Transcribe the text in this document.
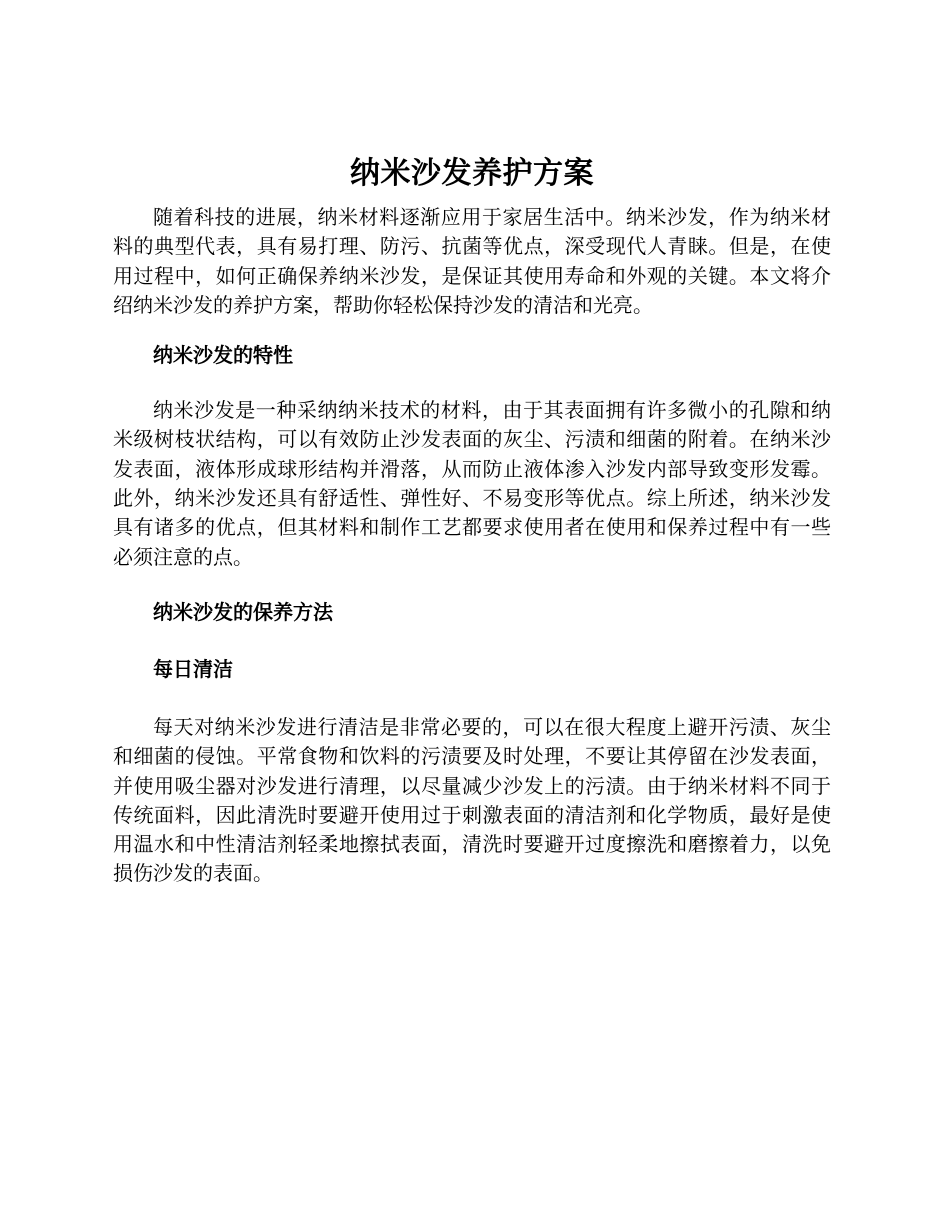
纳米沙发养护方案

随着科技的进展，纳米材料逐渐应用于家居生活中。纳米沙发，作为纳米材料的典型代表，具有易打理、防污、抗菌等优点，深受现代人青睐。但是，在使用过程中，如何正确保养纳米沙发，是保证其使用寿命和外观的关键。本文将介绍纳米沙发的养护方案，帮助你轻松保持沙发的清洁和光亮。

纳米沙发的特性

纳米沙发是一种采纳纳米技术的材料，由于其表面拥有许多微小的孔隙和纳米级树枝状结构，可以有效防止沙发表面的灰尘、污渍和细菌的附着。在纳米沙发表面，液体形成球形结构并滑落，从而防止液体渗入沙发内部导致变形发霉。此外，纳米沙发还具有舒适性、弹性好、不易变形等优点。综上所述，纳米沙发具有诸多的优点，但其材料和制作工艺都要求使用者在使用和保养过程中有一些必须注意的点。

纳米沙发的保养方法
每日清洁

每天对纳米沙发进行清洁是非常必要的，可以在很大程度上避开污渍、灰尘和细菌的侵蚀。平常食物和饮料的污渍要及时处理，不要让其停留在沙发表面，并使用吸尘器对沙发进行清理，以尽量减少沙发上的污渍。由于纳米材料不同于传统面料，因此清洗时要避开使用过于刺激表面的清洁剂和化学物质，最好是使用温水和中性清洁剂轻柔地擦拭表面，清洗时要避开过度擦洗和磨擦着力，以免损伤沙发的表面。
